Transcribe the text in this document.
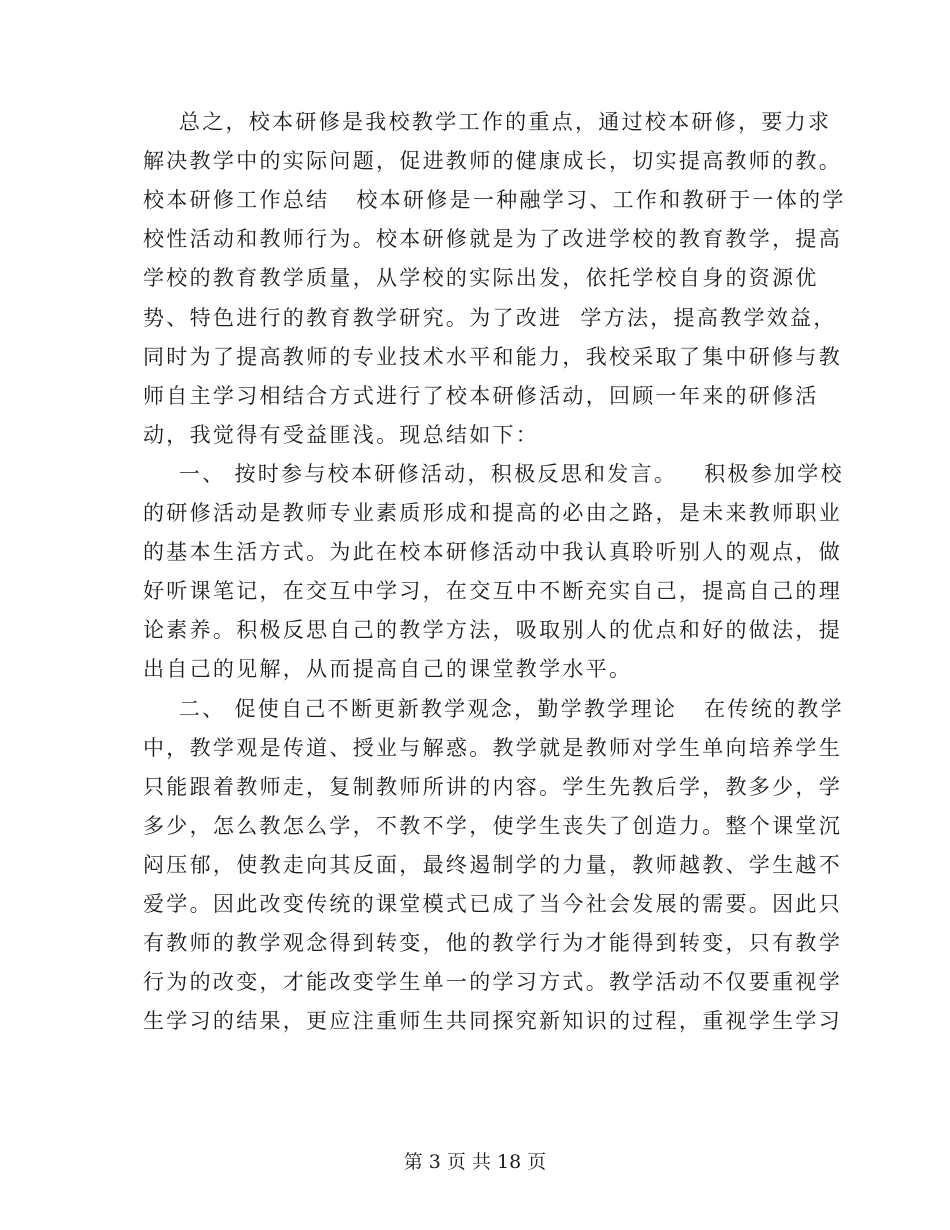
总之，校本研修是我校教学工作的重点，通过校本研修，要力求
解决教学中的实际问题，促进教师的健康成长，切实提高教师的教。
校本研修工作总结   校本研修是一种融学习、工作和教研于一体的学
校性活动和教师行为。校本研修就是为了改进学校的教育教学，提高
学校的教育教学质量，从学校的实际出发，依托学校自身的资源优
势、特色进行的教育教学研究。为了改进  学方法，提高教学效益，
同时为了提高教师的专业技术水平和能力，我校采取了集中研修与教
师自主学习相结合方式进行了校本研修活动，回顾一年来的研修活
动，我觉得有受益匪浅。现总结如下：
一、 按时参与校本研修活动，积极反思和发言。   积极参加学校
的研修活动是教师专业素质形成和提高的必由之路，是未来教师职业
的基本生活方式。为此在校本研修活动中我认真聆听别人的观点，做
好听课笔记，在交互中学习，在交互中不断充实自己，提高自己的理
论素养。积极反思自己的教学方法，吸取别人的优点和好的做法，提
出自己的见解，从而提高自己的课堂教学水平。
二、 促使自己不断更新教学观念，勤学教学理论   在传统的教学
中，教学观是传道、授业与解惑。教学就是教师对学生单向培养学生
只能跟着教师走，复制教师所讲的内容。学生先教后学，教多少，学
多少，怎么教怎么学，不教不学，使学生丧失了创造力。整个课堂沉
闷压郁，使教走向其反面，最终遏制学的力量，教师越教、学生越不
爱学。因此改变传统的课堂模式已成了当今社会发展的需要。因此只
有教师的教学观念得到转变，他的教学行为才能得到转变，只有教学
行为的改变，才能改变学生单一的学习方式。教学活动不仅要重视学
生学习的结果，更应注重师生共同探究新知识的过程，重视学生学习
第 3 页 共 18 页
